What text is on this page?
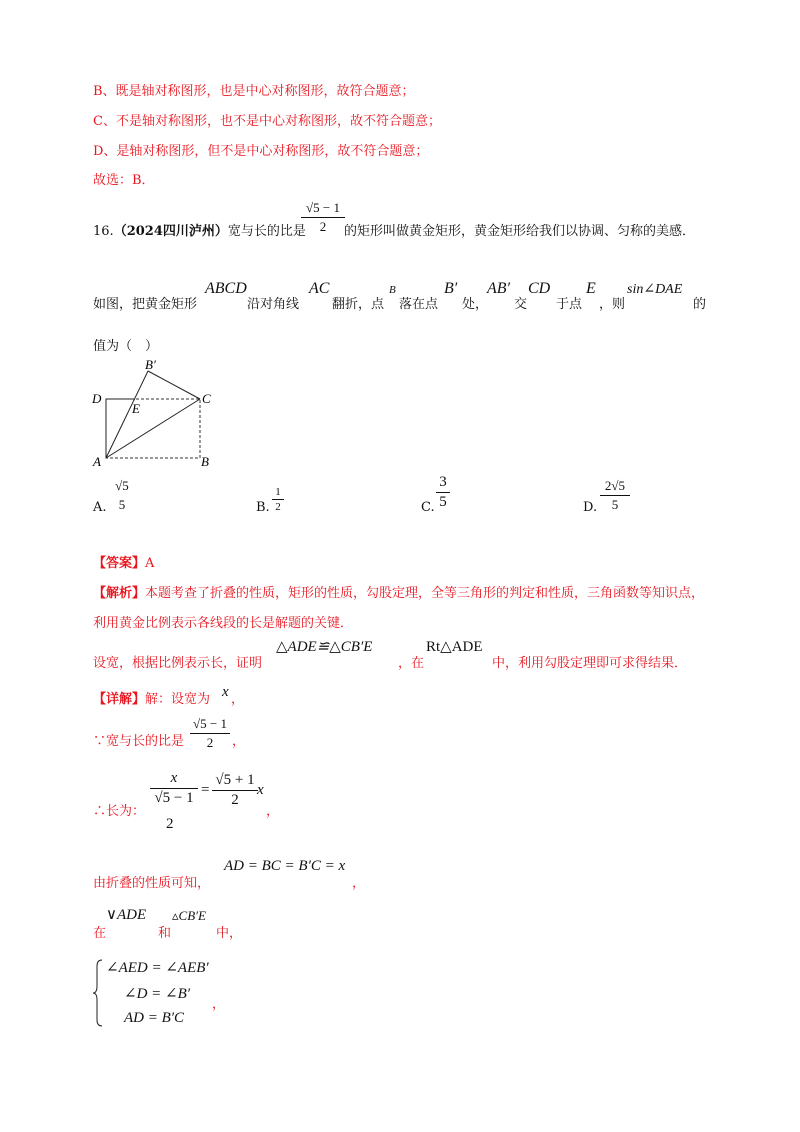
B、既是轴对称图形，也是中心对称图形，故符合题意；
C、不是轴对称图形，也不是中心对称图形，故不符合题意；
D、是轴对称图形，但不是中心对称图形，故不符合题意；
故选：B．
16.（2024四川泸州）宽与长的比是
√5 − 1
2	的矩形叫做黄金矩形，黄金矩形给我们以协调、匀称的美感．
如图，把黄金矩形
ABCD
沿对角线
AC
翻折，点
B
落在点
B′
处，
AB′
交
CD
于点
E
，则
sin∠DAE
的
值为（　）
D
E
C
A	B
B′
A.
√5
5	B.
1
2	C.
3
5	D.
2√5
5
【答案】A
【解析】本题考查了折叠的性质，矩形的性质，勾股定理，全等三角形的判定和性质，三角函数等知识点，
利用黄金比例表示各线段的长是解题的关键．
设宽，根据比例表示长，证明
△ADE≌△CB′E
，在
Rt△ADE
中，利用勾股定理即可求得结果．
【详解】解：设宽为 x ，
∵宽与长的比是
√5 − 1
2	，
∴长为：
x
√5 − 1
2
=
√5 + 1
2
x
，
由折叠的性质可知，
AD = BC = B′C = x
，
在
∨ADE
和
▵CB′E
中，
∠AED = ∠AEB′
∠D = ∠B′
AD = B′C
，
